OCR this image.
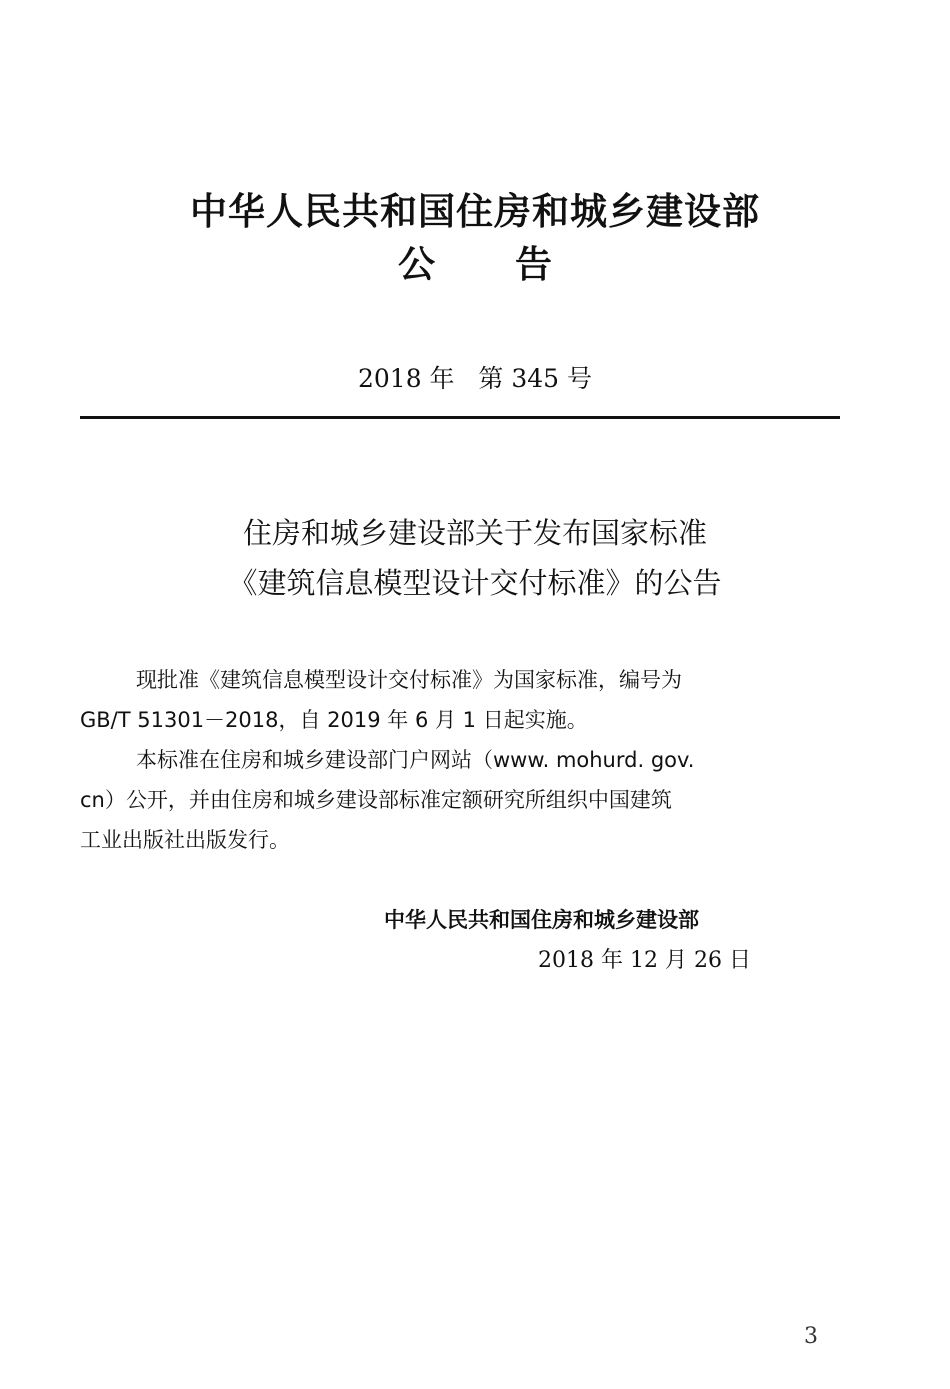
中华人民共和国住房和城乡建设部
公告
2018 年   第 345 号
住房和城乡建设部关于发布国家标准
《建筑信息模型设计交付标准》的公告
现批准《建筑信息模型设计交付标准》为国家标准，编号为
GB/T 51301－2018，自 2019 年 6 月 1 日起实施。
本标准在住房和城乡建设部门户网站（www. mohurd. gov.
cn）公开，并由住房和城乡建设部标准定额研究所组织中国建筑
工业出版社出版发行。
中华人民共和国住房和城乡建设部
2018 年 12 月 26 日
3
